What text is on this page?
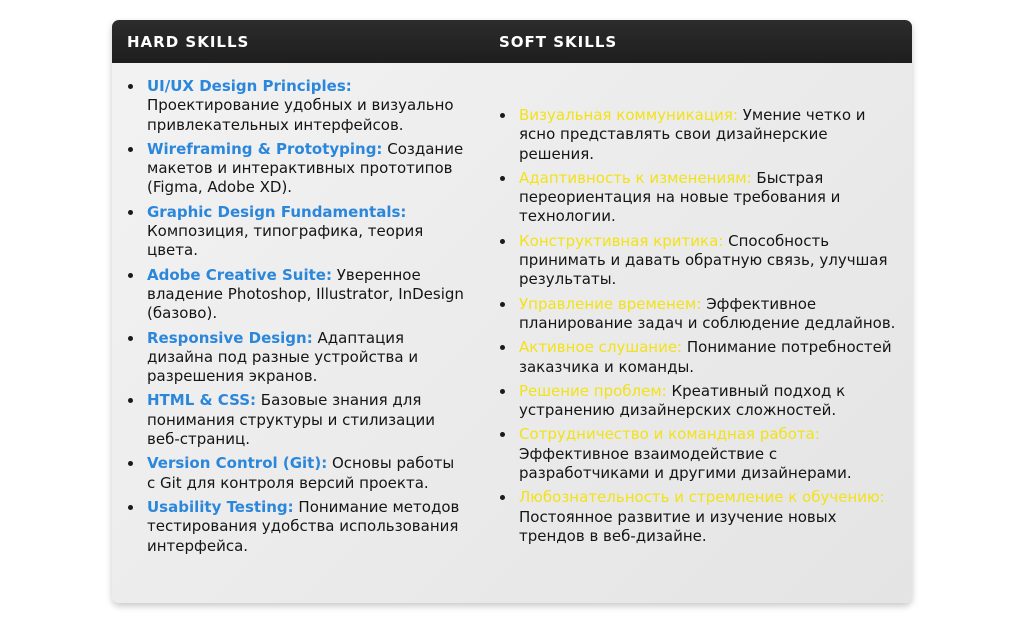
HARD SKILLS	SOFT SKILLS
UI/UX Design Principles: Проектирование удобных и визуально привлекательных интерфейсов.
Wireframing & Prototyping: Создание макетов и интерактивных прототипов (Figma, Adobe XD).
Graphic Design Fundamentals: Композиция, типографика, теория цвета.
Adobe Creative Suite: Уверенное владение Photoshop, Illustrator, InDesign (базово).
Responsive Design: Адаптация дизайна под разные устройства и разрешения экранов.
HTML & CSS: Базовые знания для понимания структуры и стилизации веб-страниц.
Version Control (Git): Основы работы с Git для контроля версий проекта.
Usability Testing: Понимание методов тестирования удобства использования интерфейса.
Визуальная коммуникация: Умение четко и ясно представлять свои дизайнерские решения.
Адаптивность к изменениям: Быстрая переориентация на новые требования и технологии.
Конструктивная критика: Способность принимать и давать обратную связь, улучшая результаты.
Управление временем: Эффективное планирование задач и соблюдение дедлайнов.
Активное слушание: Понимание потребностей заказчика и команды.
Решение проблем: Креативный подход к устранению дизайнерских сложностей.
Сотрудничество и командная работа: Эффективное взаимодействие с разработчиками и другими дизайнерами.
Любознательность и стремление к обучению: Постоянное развитие и изучение новых трендов в веб-дизайне.
